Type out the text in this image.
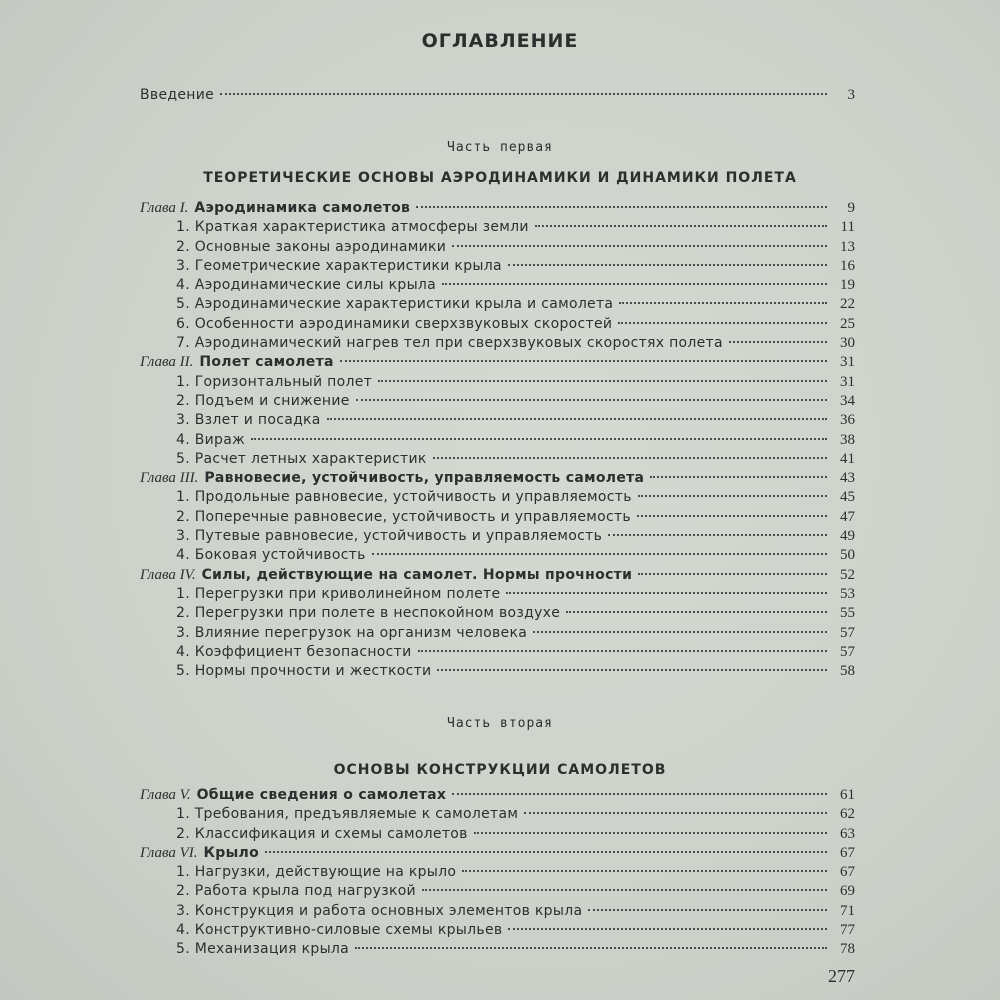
ОГЛАВЛЕНИЕ
Введение	3
Часть первая
ТЕОРЕТИЧЕСКИЕ ОСНОВЫ АЭРОДИНАМИКИ И ДИНАМИКИ ПОЛЕТА
Глава I. Аэродинамика самолетов	9
1. Краткая характеристика атмосферы земли	11
2. Основные законы аэродинамики	13
3. Геометрические характеристики крыла	16
4. Аэродинамические силы крыла	19
5. Аэродинамические характеристики крыла и самолета	22
6. Особенности аэродинамики сверхзвуковых скоростей	25
7. Аэродинамический нагрев тел при сверхзвуковых скоростях полета	30
Глава II. Полет самолета	31
1. Горизонтальный полет	31
2. Подъем и снижение	34
3. Взлет и посадка	36
4. Вираж	38
5. Расчет летных характеристик	41
Глава III. Равновесие, устойчивость, управляемость самолета	43
1. Продольные равновесие, устойчивость и управляемость	45
2. Поперечные равновесие, устойчивость и управляемость	47
3. Путевые равновесие, устойчивость и управляемость	49
4. Боковая устойчивость	50
Глава IV. Силы, действующие на самолет. Нормы прочности	52
1. Перегрузки при криволинейном полете	53
2. Перегрузки при полете в неспокойном воздухе	55
3. Влияние перегрузок на организм человека	57
4. Коэффициент безопасности	57
5. Нормы прочности и жесткости	58
Часть вторая
ОСНОВЫ КОНСТРУКЦИИ САМОЛЕТОВ
Глава V. Общие сведения о самолетах	61
1. Требования, предъявляемые к самолетам	62
2. Классификация и схемы самолетов	63
Глава VI. Крыло	67
1. Нагрузки, действующие на крыло	67
2. Работа крыла под нагрузкой	69
3. Конструкция и работа основных элементов крыла	71
4. Конструктивно-силовые схемы крыльев	77
5. Механизация крыла	78
277
